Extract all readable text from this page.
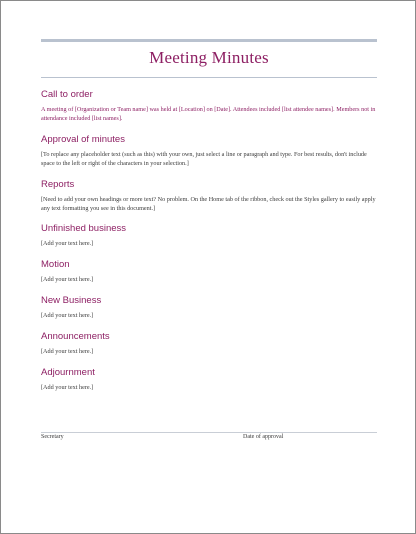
Meeting Minutes
Call to order

A meeting of [Organization or Team name] was held at [Location] on [Date]. Attendees included [list attendee names]. Members not in attendance included [list names].

Approval of minutes

[To replace any placeholder text (such as this) with your own, just select a line or paragraph and type. For best results, don't include space to the left or right of the characters in your selection.]

Reports

[Need to add your own headings or more text? No problem. On the Home tab of the ribbon, check out the Styles gallery to easily apply any text formatting you see in this document.]

Unfinished business

[Add your text here.]

Motion

[Add your text here.]

New Business

[Add your text here.]

Announcements

[Add your text here.]

Adjournment

[Add your text here.]

Secretary	Date of approval
